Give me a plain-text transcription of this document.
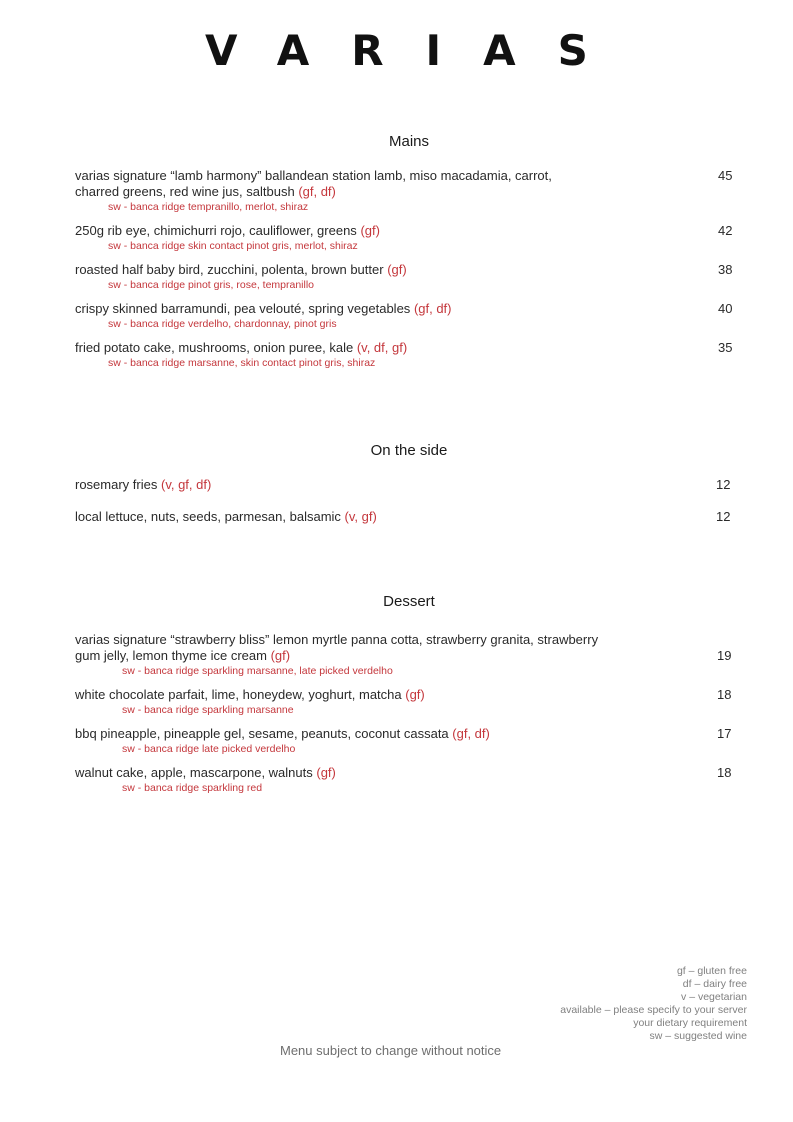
VARIAS
Mains
varias signature “lamb harmony” ballandean station lamb, miso macadamia, carrot, charred greens, red wine jus, saltbush (gf, df)
sw - banca ridge tempranillo, merlot, shiraz
45
250g rib eye, chimichurri rojo, cauliflower, greens (gf)
sw - banca ridge skin contact pinot gris, merlot, shiraz
42
roasted half baby bird, zucchini, polenta, brown butter (gf)
sw - banca ridge pinot gris, rose, tempranillo
38
crispy skinned barramundi, pea velouté, spring vegetables (gf, df)
sw - banca ridge verdelho, chardonnay, pinot gris
40
fried potato cake, mushrooms, onion puree, kale (v, df, gf)
sw - banca ridge marsanne, skin contact pinot gris, shiraz
35
On the side
rosemary fries (v, gf, df)	12
local lettuce, nuts, seeds, parmesan, balsamic (v, gf)	12
Dessert
varias signature “strawberry bliss” lemon myrtle panna cotta, strawberry granita, strawberry gum jelly, lemon thyme ice cream (gf)
sw - banca ridge sparkling marsanne, late picked verdelho
19
white chocolate parfait, lime, honeydew, yoghurt, matcha (gf)
sw - banca ridge sparkling marsanne
18
bbq pineapple, pineapple gel, sesame, peanuts, coconut cassata (gf, df)
sw - banca ridge late picked verdelho
17
walnut cake, apple, mascarpone, walnuts (gf)
sw - banca ridge sparkling red
18
gf – gluten free
df – dairy free
v – vegetarian
available – please specify to your server
your dietary requirement
sw – suggested wine
Menu subject to change without notice
